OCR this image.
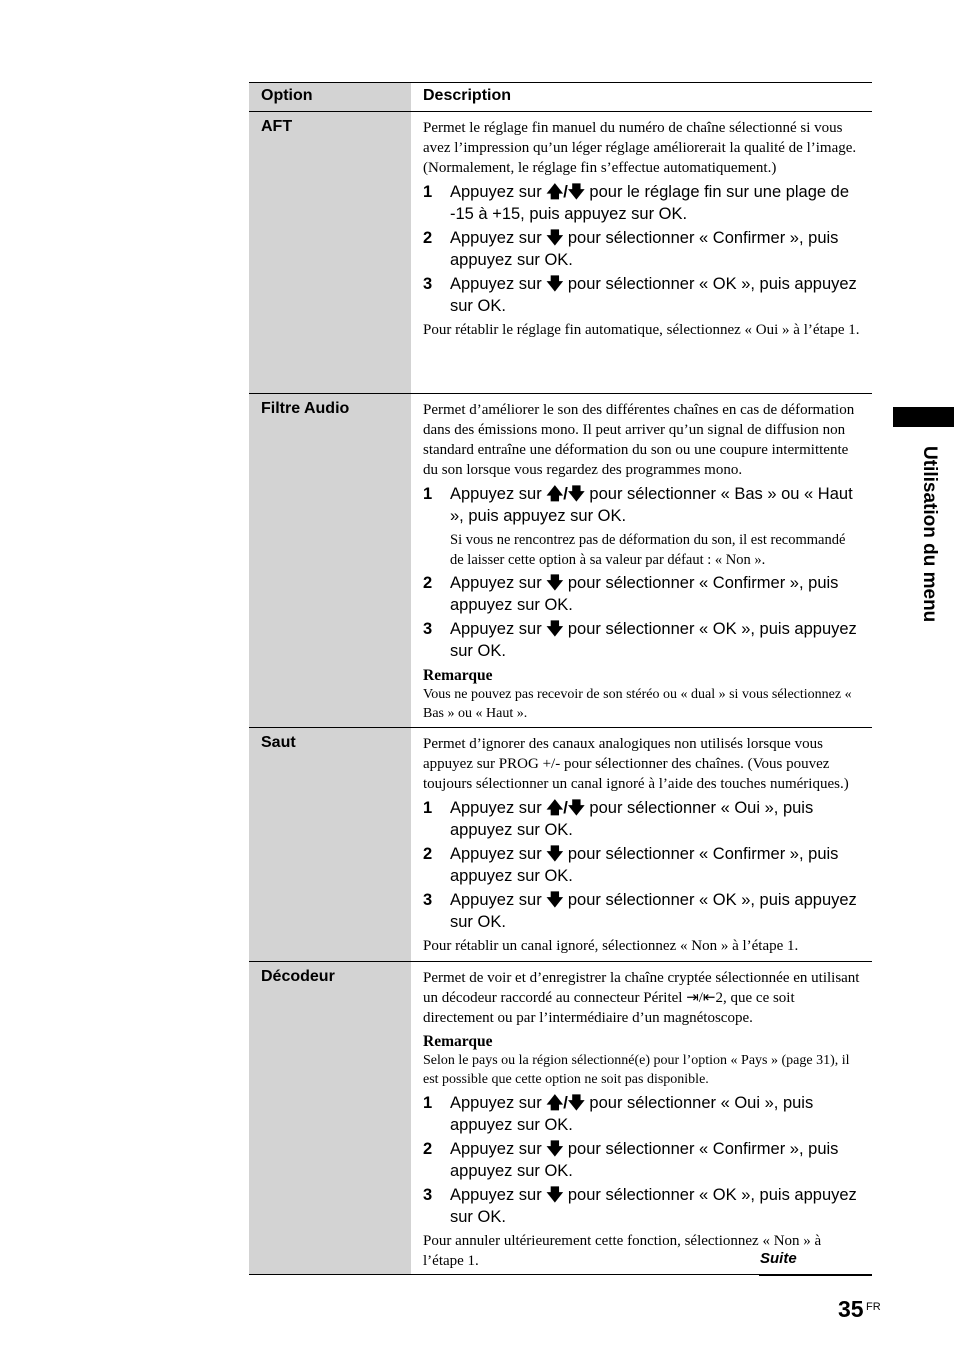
Option	Description
AFT	Permet le réglage fin manuel du numéro de chaîne sélectionné si vous avez l’impression qu’un léger réglage améliorerait la qualité de l’image. (Normalement, le réglage fin s’effectue automatiquement.)
1	Appuyez sur 🡅/🡇 pour le réglage fin sur une plage de -15 à +15, puis appuyez sur OK.
2	Appuyez sur 🡇 pour sélectionner « Confirmer », puis appuyez sur OK.
3	Appuyez sur 🡇 pour sélectionner « OK », puis appuyez sur OK.
Pour rétablir le réglage fin automatique, sélectionnez « Oui » à l’étape 1.
Filtre Audio	Permet d’améliorer le son des différentes chaînes en cas de déformation dans des émissions mono. Il peut arriver qu’un signal de diffusion non standard entraîne une déformation du son ou une coupure intermittente du son lorsque vous regardez des programmes mono.
1	Appuyez sur 🡅/🡇 pour sélectionner « Bas » ou « Haut », puis appuyez sur OK.
Si vous ne rencontrez pas de déformation du son, il est recommandé de laisser cette option à sa valeur par défaut : « Non ».
2	Appuyez sur 🡇 pour sélectionner « Confirmer », puis appuyez sur OK.
3	Appuyez sur 🡇 pour sélectionner « OK », puis appuyez sur OK.
Remarque
Vous ne pouvez pas recevoir de son stéréo ou « dual » si vous sélectionnez « Bas » ou « Haut ».
Saut	Permet d’ignorer des canaux analogiques non utilisés lorsque vous appuyez sur PROG +/- pour sélectionner des chaînes. (Vous pouvez toujours sélectionner un canal ignoré à l’aide des touches numériques.)
1	Appuyez sur 🡅/🡇 pour sélectionner « Oui », puis appuyez sur OK.
2	Appuyez sur 🡇 pour sélectionner « Confirmer », puis appuyez sur OK.
3	Appuyez sur 🡇 pour sélectionner « OK », puis appuyez sur OK.
Pour rétablir un canal ignoré, sélectionnez « Non » à l’étape 1.
Décodeur	Permet de voir et d’enregistrer la chaîne cryptée sélectionnée en utilisant un décodeur raccordé au connecteur Péritel ⇥/⇤2, que ce soit directement ou par l’intermédiaire d’un magnétoscope.
Remarque
Selon le pays ou la région sélectionné(e) pour l’option « Pays » (page 31), il est possible que cette option ne soit pas disponible.
1	Appuyez sur 🡅/🡇 pour sélectionner « Oui », puis appuyez sur OK.
2	Appuyez sur 🡇 pour sélectionner « Confirmer », puis appuyez sur OK.
3	Appuyez sur 🡇 pour sélectionner « OK », puis appuyez sur OK.
Pour annuler ultérieurement cette fonction, sélectionnez « Non » à l’étape 1.
Utilisation du menu
Suite
35 FR
